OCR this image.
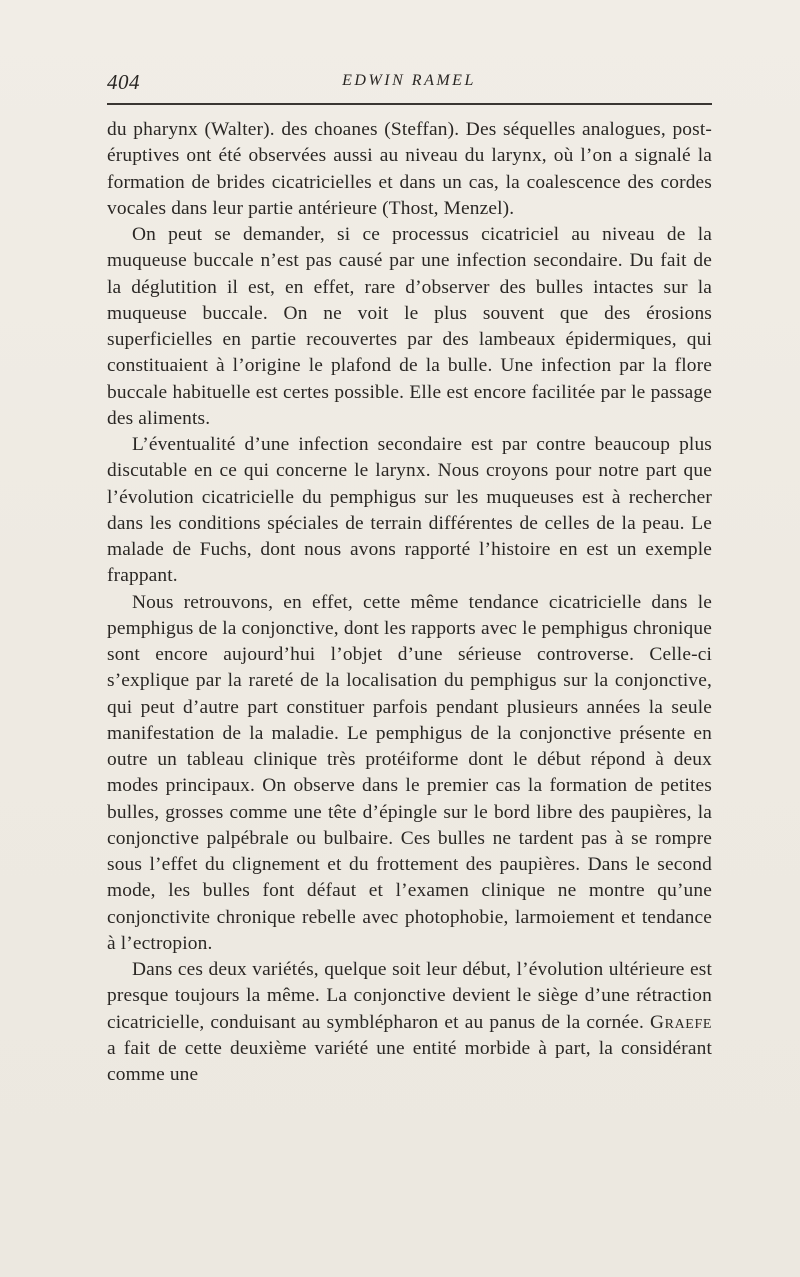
404	EDWIN RAMEL

du pharynx (Walter). des choanes (Steffan). Des séquelles analogues, post-éruptives ont été observées aussi au niveau du larynx, où l’on a signalé la formation de brides cicatricielles et dans un cas, la coalescence des cordes vocales dans leur partie antérieure (Thost, Menzel).

On peut se demander, si ce processus cicatriciel au niveau de la muqueuse buccale n’est pas causé par une infection secondaire. Du fait de la déglutition il est, en effet, rare d’observer des bulles intactes sur la muqueuse buccale. On ne voit le plus souvent que des érosions superficielles en partie recouvertes par des lambeaux épidermiques, qui constituaient à l’origine le plafond de la bulle. Une infection par la flore buccale habituelle est certes possible. Elle est encore facilitée par le passage des aliments.

L’éventualité d’une infection secondaire est par contre beaucoup plus discutable en ce qui concerne le larynx. Nous croyons pour notre part que l’évolution cicatricielle du pemphigus sur les muqueuses est à rechercher dans les conditions spéciales de terrain différentes de celles de la peau. Le malade de Fuchs, dont nous avons rapporté l’histoire en est un exemple frappant.

Nous retrouvons, en effet, cette même tendance cicatricielle dans le pemphigus de la conjonctive, dont les rapports avec le pemphigus chronique sont encore aujourd’hui l’objet d’une sérieuse controverse. Celle-ci s’explique par la rareté de la localisation du pemphigus sur la conjonctive, qui peut d’autre part constituer parfois pendant plusieurs années la seule manifestation de la maladie. Le pemphigus de la conjonctive présente en outre un tableau clinique très protéiforme dont le début répond à deux modes principaux. On observe dans le premier cas la formation de petites bulles, grosses comme une tête d’épingle sur le bord libre des paupières, la conjonctive palpébrale ou bulbaire. Ces bulles ne tardent pas à se rompre sous l’effet du clignement et du frottement des paupières. Dans le second mode, les bulles font défaut et l’examen clinique ne montre qu’une conjonctivite chronique rebelle avec photophobie, larmoiement et tendance à l’ectropion.

Dans ces deux variétés, quelque soit leur début, l’évolution ultérieure est presque toujours la même. La conjonctive devient le siège d’une rétraction cicatricielle, conduisant au symblépharon et au panus de la cornée. Graefe a fait de cette deuxième variété une entité morbide à part, la considérant comme une
